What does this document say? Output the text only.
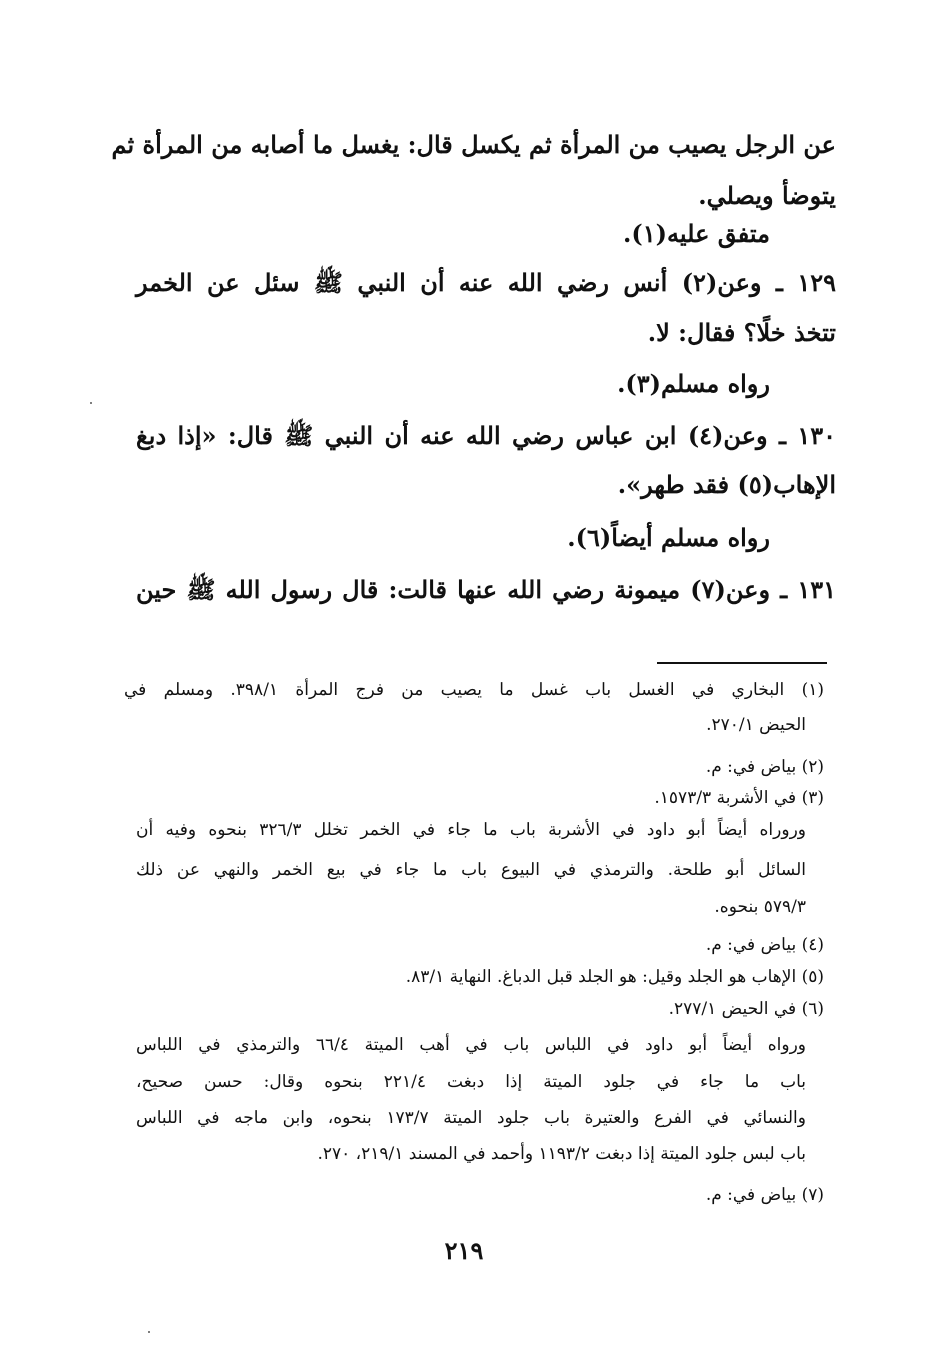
عن الرجل يصيب من المرأة ثم يكسل قال: يغسل ما أصابه من المرأة ثم
يتوضأ ويصلي.
متفق عليه(١).
١٢٩ ـ وعن(٢) أنس رضي الله عنه أن النبي ﷺ سئل عن الخمر
تتخذ خلًا؟ فقال: لا.
رواه مسلم(٣).
١٣٠ ـ وعن(٤) ابن عباس رضي الله عنه أن النبي ﷺ قال: «إذا دبغ
الإهاب(٥) فقد طهر».
رواه مسلم أيضاً(٦).
١٣١ ـ وعن(٧) ميمونة رضي الله عنها قالت: قال رسول الله ﷺ حين
(١) البخاري في الغسل باب غسل ما يصيب من فرج المرأة ٣٩٨/١. ومسلم في
الحيض ٢٧٠/١.
(٢) بياض في: م.
(٣) في الأشربة ١٥٧٣/٣.
وروراه أيضاً أبو داود في الأشربة باب ما جاء في الخمر تخلل ٣٢٦/٣ بنحوه وفيه أن
السائل أبو طلحة. والترمذي في البيوع باب ما جاء في بيع الخمر والنهي عن ذلك
٥٧٩/٣ بنحوه.
(٤) بياض في: م.
(٥) الإهاب هو الجلد وقيل: هو الجلد قبل الدباغ. النهاية ٨٣/١.
(٦) في الحيض ٢٧٧/١.
ورواه أيضاً أبو داود في اللباس باب في أهب الميتة ٦٦/٤ والترمذي في اللباس
باب ما جاء في جلود الميتة إذا دبغت ٢٢١/٤ بنحوه وقال: حسن صحيح،
والنسائي في الفرع والعتيرة باب جلود الميتة ١٧٣/٧ بنحوه، وابن ماجه في اللباس
باب لبس جلود الميتة إذا دبغت ١١٩٣/٢ وأحمد في المسند ٢١٩/١، ٢٧٠.
(٧) بياض في: م.
٢١٩
